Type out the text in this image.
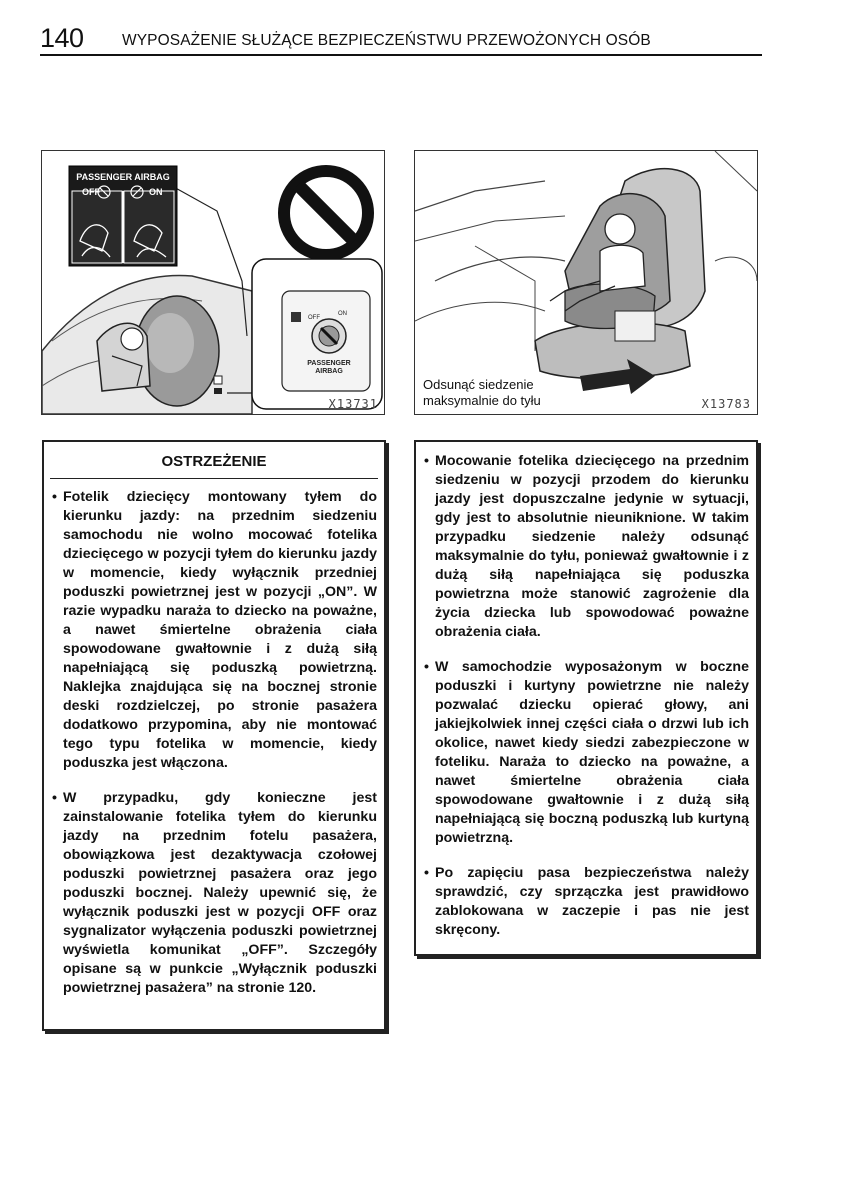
140 WYPOSAŻENIE SŁUŻĄCE BEZPIECZEŃSTWU PRZEWOŻONYCH OSÓB
PASSENGER AIRBAG
OFF	ON
OFF
ON
PASSENGER
AIRBAG
X13731
Odsunąć siedzenie
maksymalnie do tyłu	X13783
OSTRZEŻENIE
• Fotelik dziecięcy montowany tyłem do kierunku jazdy: na przednim siedzeniu samochodu nie wolno mocować fotelika dziecięcego w pozycji tyłem do kierunku jazdy w momencie, kiedy wyłącznik przedniej poduszki powietrznej jest w pozycji „ON”. W razie wypadku naraża to dziecko na poważne, a nawet śmiertelne obrażenia ciała spowodowane gwałtownie i z dużą siłą napełniającą się poduszką powietrzną. Naklejka znajdująca się na bocznej stronie deski rozdzielczej, po stronie pasażera dodatkowo przypomina, aby nie montować tego typu fotelika w momencie, kiedy poduszka jest włączona.
• W przypadku, gdy konieczne jest zainstalowanie fotelika tyłem do kierunku jazdy na przednim fotelu pasażera, obowiązkowa jest dezaktywacja czołowej poduszki powietrznej pasażera oraz jego poduszki bocznej. Należy upewnić się, że wyłącznik poduszki jest w pozycji OFF oraz sygnalizator wyłączenia poduszki powietrznej wyświetla komunikat „OFF”. Szczegóły opisane są w punkcie „Wyłącznik poduszki powietrznej pasażera” na stronie 120.
• Mocowanie fotelika dziecięcego na przednim siedzeniu w pozycji przodem do kierunku jazdy jest dopuszczalne jedynie w sytuacji, gdy jest to absolutnie nieuniknione. W takim przypadku siedzenie należy odsunąć maksymalnie do tyłu, ponieważ gwałtownie i z dużą siłą napełniająca się poduszka powietrzna może stanowić zagrożenie dla życia dziecka lub spowodować poważne obrażenia ciała.
• W samochodzie wyposażonym w boczne poduszki i kurtyny powietrzne nie należy pozwalać dziecku opierać głowy, ani jakiejkolwiek innej części ciała o drzwi lub ich okolice, nawet kiedy siedzi zabezpieczone w foteliku. Naraża to dziecko na poważne, a nawet śmiertelne obrażenia ciała spowodowane gwałtownie i z dużą siłą napełniającą się boczną poduszką lub kurtyną powietrzną.
• Po zapięciu pasa bezpieczeństwa należy sprawdzić, czy sprzączka jest prawidłowo zablokowana w zaczepie i pas nie jest skręcony.
